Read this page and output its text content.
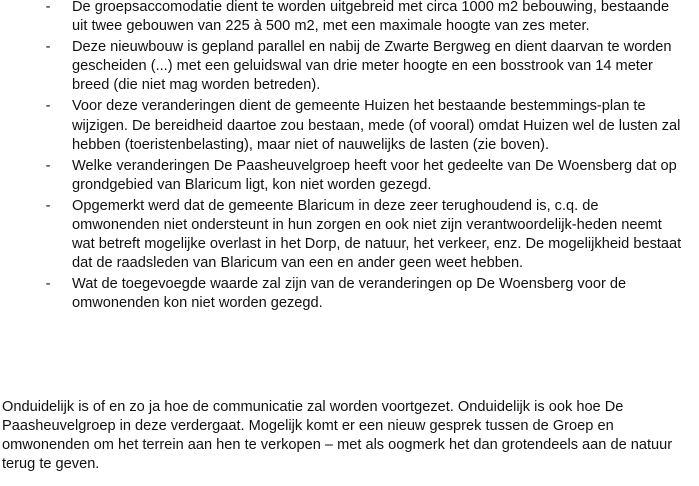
-	De groepsaccomodatie dient te worden uitgebreid met circa 1000 m2 bebouwing, bestaande uit twee gebouwen van 225 à 500 m2, met een maximale hoogte van zes meter.
-	Deze nieuwbouw is gepland parallel en nabij de Zwarte Bergweg en dient daarvan te worden gescheiden (...) met een geluidswal van drie meter hoogte en een bosstrook van 14 meter breed (die niet mag worden betreden).
-	Voor deze veranderingen dient de gemeente Huizen het bestaande bestemmings-plan te wijzigen. De bereidheid daartoe zou bestaan, mede (of vooral) omdat Huizen wel de lusten zal hebben (toeristenbelasting), maar niet of nauwelijks de lasten (zie boven).
-	Welke veranderingen De Paasheuvelgroep heeft voor het gedeelte van De Woensberg dat op grondgebied van Blaricum ligt, kon niet worden gezegd.
-	Opgemerkt werd dat de gemeente Blaricum in deze zeer terughoudend is, c.q. de omwonenden niet ondersteunt in hun zorgen en ook niet zijn verantwoordelijk-heden neemt wat betreft mogelijke overlast in het Dorp, de natuur, het verkeer, enz. De mogelijkheid bestaat dat de raadsleden van Blaricum van een en ander geen weet hebben.
-	Wat de toegevoegde waarde zal zijn van de veranderingen op De Woensberg voor de omwonenden kon niet worden gezegd.

Onduidelijk is of en zo ja hoe de communicatie zal worden voortgezet. Onduidelijk is ook hoe De Paasheuvelgroep in deze verdergaat. Mogelijk komt er een nieuw gesprek tussen de Groep en omwonenden om het terrein aan hen te verkopen – met als oogmerk het dan grotendeels aan de natuur terug te geven.
